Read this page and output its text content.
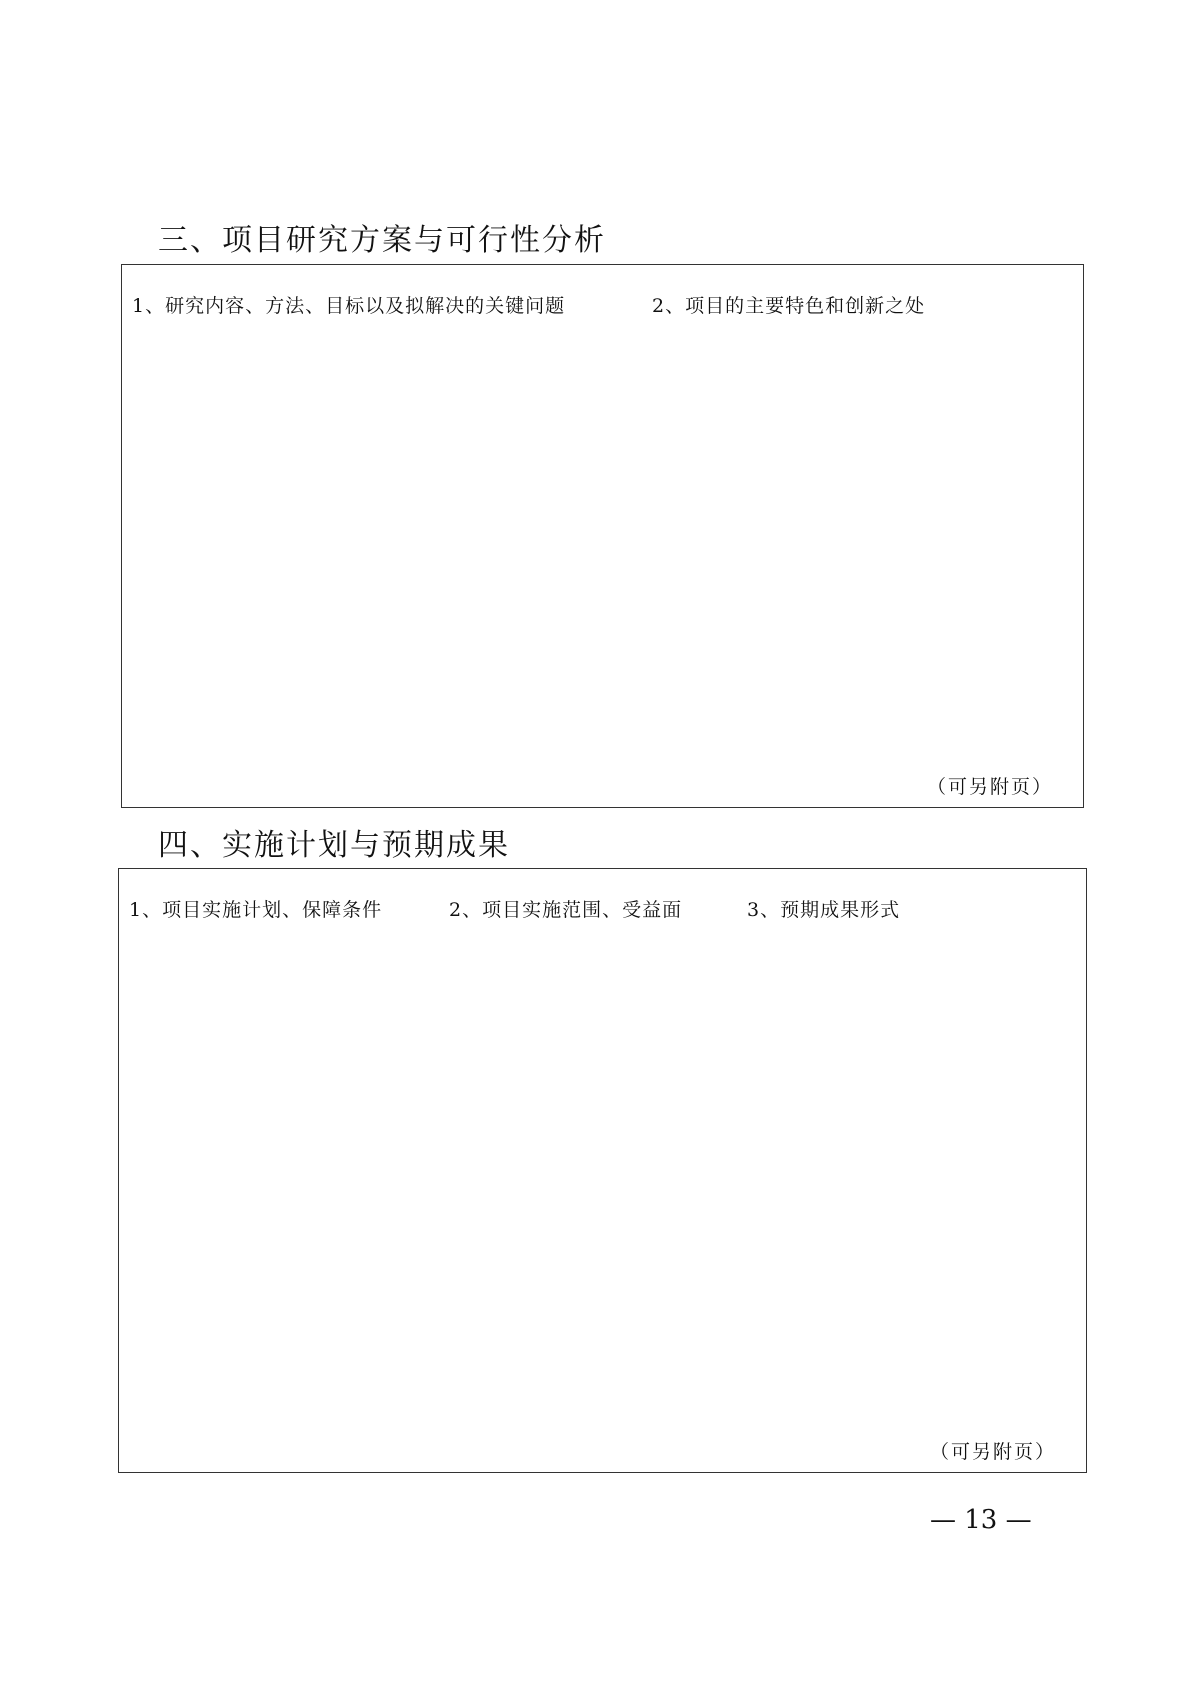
三、项目研究方案与可行性分析
1、研究内容、方法、目标以及拟解决的关键问题	2、项目的主要特色和创新之处
（可另附页）
四、实施计划与预期成果
1、项目实施计划、保障条件	2、项目实施范围、受益面	3、预期成果形式
（可另附页）
— 13 —
